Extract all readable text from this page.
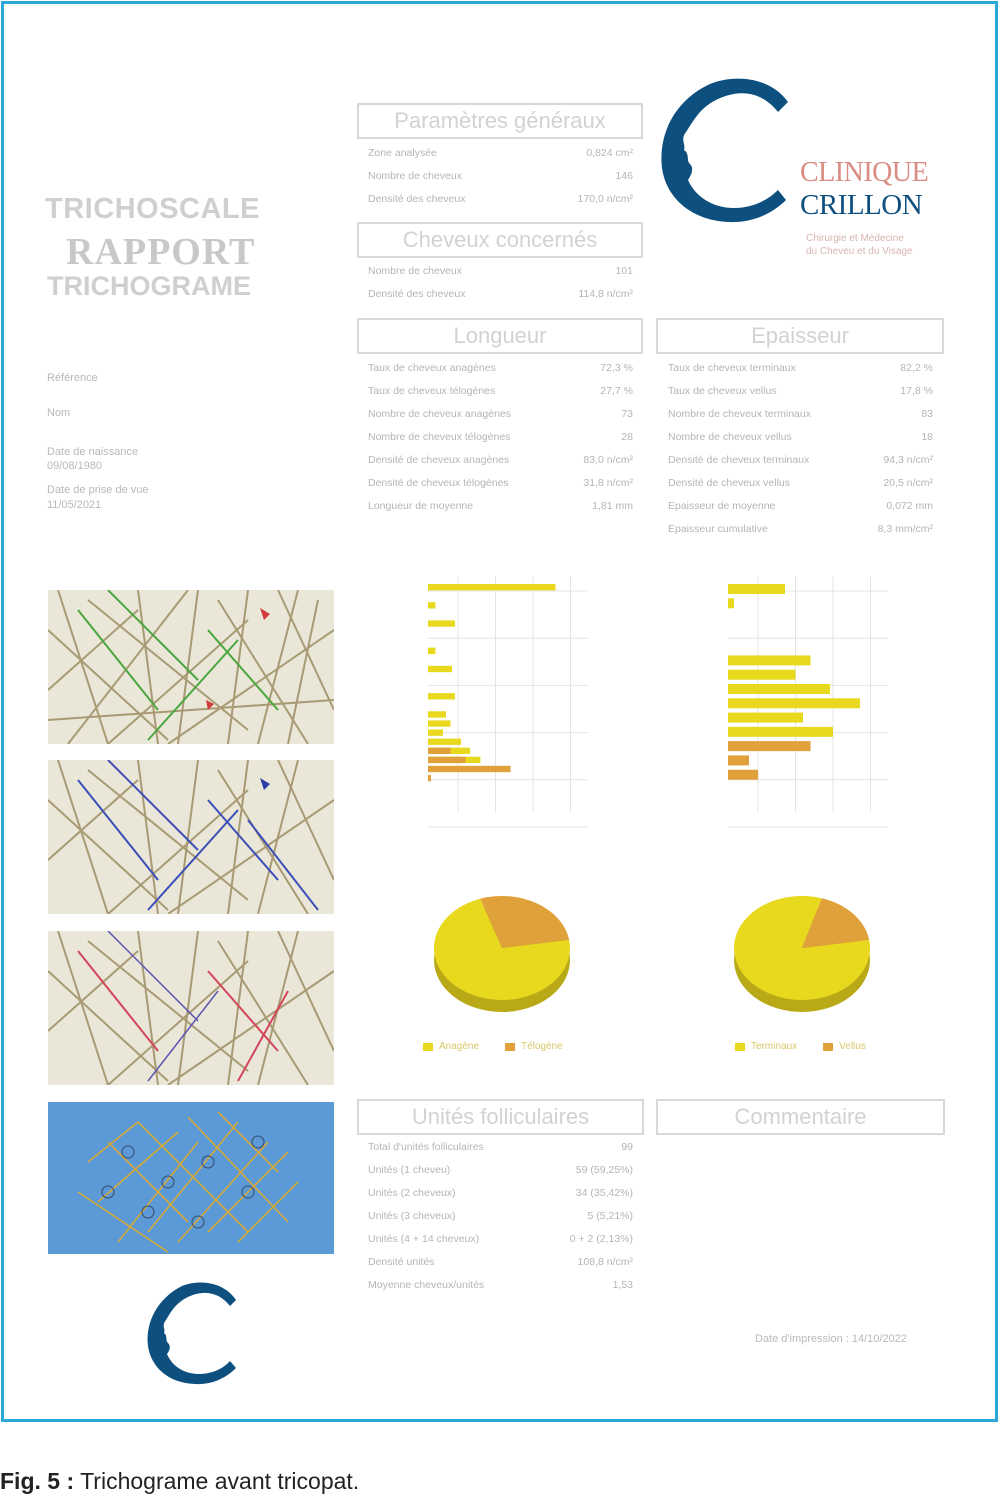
TRICHOSCALE
RAPPORT
TRICHOGRAME
Référence
Nom
Date de naissance
09/08/1980
Date de prise de vue
11/05/2021
CLINIQUE
CRILLON
Chirurgie et Médecine
du Cheveu et du Visage
Paramètres généraux
Zone analysée	0,824 cm²
Nombre de cheveux	146
Densité des cheveux	170,0 n/cm²
Cheveux concernés
Nombre de cheveux	101
Densité des cheveux	114,8 n/cm²
Longueur
Taux de cheveux anagènes	72,3 %
Taux de cheveux télogènes	27,7 %
Nombre de cheveux anagènes	73
Nombre de cheveux télogènes	28
Densité de cheveux anagènes	83,0 n/cm²
Densité de cheveux télogènes	31,8 n/cm²
Longueur de moyenne	1,81 mm
Epaisseur
Taux de cheveux terminaux	82,2 %
Taux de cheveux vellus	17,8 %
Nombre de cheveux terminaux	83
Nombre de cheveux vellus	18
Densité de cheveux terminaux	94,3 n/cm²
Densité de cheveux vellus	20,5 n/cm²
Epaisseur de moyenne	0,072 mm
Epaisseur cumulative	8,3 mm/cm²
Anagène	Télogène	Terminaux	Vellus
Unités folliculaires
Total d'unités folliculaires	99
Unités (1 cheveu)	59 (59,25%)
Unités (2 cheveux)	34 (35,42%)
Unités (3 cheveux)	5 (5,21%)
Unités (4 + 14 cheveux)	0 + 2 (2,13%)
Densité unités	108,8 n/cm²
Moyenne cheveux/unités	1,53
Commentaire
Date d'impression : 14/10/2022
Fig. 5 : Trichograme avant tricopat.
